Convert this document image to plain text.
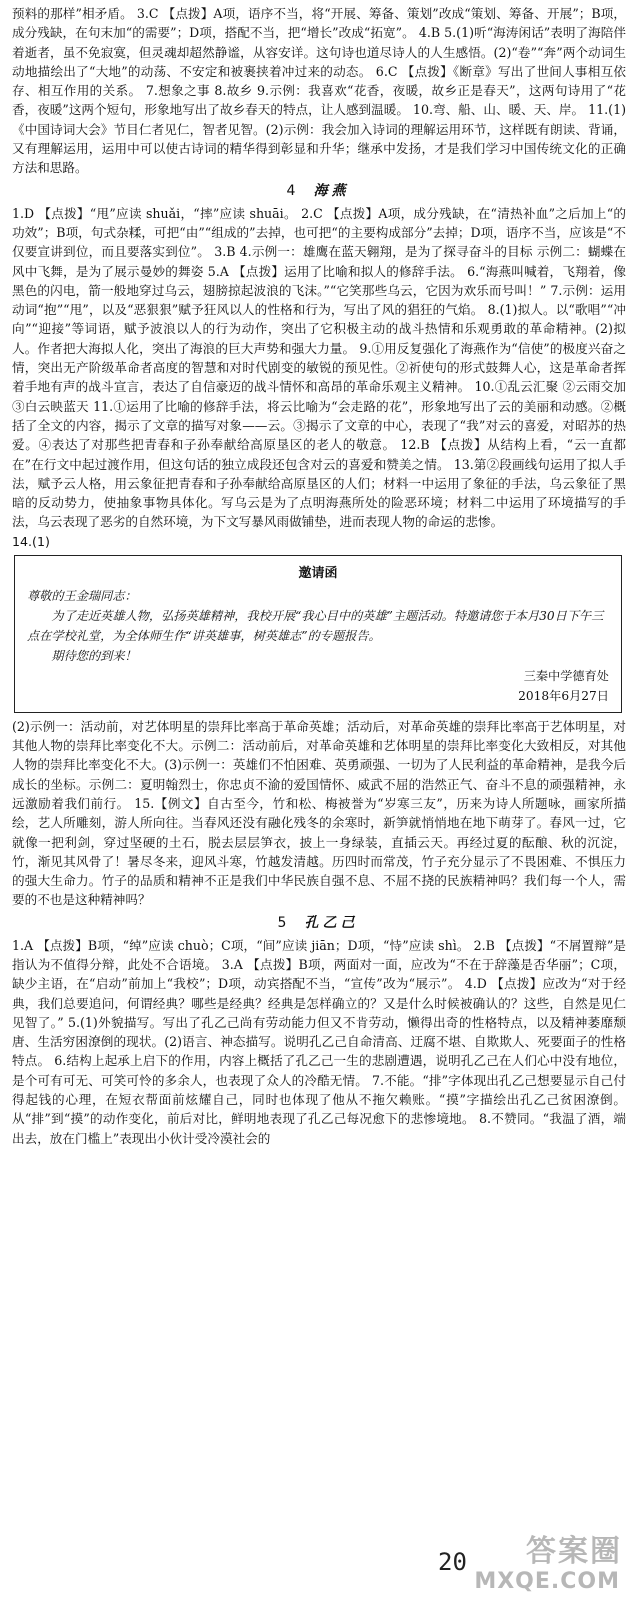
预料的那样”相矛盾。 3.C 【点拨】A项，语序不当，将“开展、筹备、策划”改成“策划、筹备、开展”；B项，成分残缺，在句末加“的需要”；D项，搭配不当，把“增长”改成“拓宽”。 4.B 5.(1)听“海涛闲话”表明了海陪伴着逝者，虽不免寂寞，但灵魂却超然静谧，从容安详。这句诗也道尽诗人的人生感悟。(2)“卷”“奔”两个动词生动地描绘出了“大地”的动荡、不安定和被裹挟着冲过来的动态。 6.C 【点拨】《断章》写出了世间人事相互依存、相互作用的关系。 7.想象之事 8.故乡 9.示例：我喜欢“花香，夜暖，故乡正是春天”，这两句诗用了“花香，夜暖”这两个短句，形象地写出了故乡春天的特点，让人感到温暖。 10.弯、船、山、暖、天、岸。 11.(1)《中国诗词大会》节目仁者见仁，智者见智。(2)示例：我会加入诗词的理解运用环节，这样既有朗读、背诵，又有理解运用，运用中可以使古诗词的精华得到彰显和升华；继承中发扬，才是我们学习中国传统文化的正确方法和思路。

4 海燕

1.D 【点拨】“甩”应读 shuǎi，“摔”应读 shuāi。 2.C 【点拨】A项，成分残缺，在“清热补血”之后加上“的功效”；B项，句式杂糅，可把“由”“组成的”去掉，也可把“的主要构成部分”去掉；D项，语序不当，应该是“不仅要宣讲到位，而且要落实到位”。 3.B 4.示例一：雄鹰在蓝天翱翔，是为了探寻奋斗的目标 示例二：蝴蝶在风中飞舞，是为了展示曼妙的舞姿 5.A 【点拨】运用了比喻和拟人的修辞手法。 6.“海燕叫喊着，飞翔着，像黑色的闪电，箭一般地穿过乌云，翅膀掠起波浪的飞沫。”“它笑那些乌云，它因为欢乐而号叫！” 7.示例：运用动词“抱”“甩”，以及“恶狠狠”赋予狂风以人的性格和行为，写出了风的猖狂的气焰。 8.(1)拟人。以“歌唱”“冲向”“迎接”等词语，赋予波浪以人的行为动作，突出了它积极主动的战斗热情和乐观勇敢的革命精神。(2)拟人。作者把大海拟人化，突出了海浪的巨大声势和强大力量。 9.①用反复强化了海燕作为“信使”的极度兴奋之情，突出无产阶级革命者高度的智慧和对时代剧变的敏锐的预见性。②祈使句的形式鼓舞人心，这是革命者挥着手地有声的战斗宣言，表达了自信豪迈的战斗情怀和高昂的革命乐观主义精神。 10.①乱云汇聚 ②云雨交加 ③白云映蓝天 11.①运用了比喻的修辞手法，将云比喻为“会走路的花”，形象地写出了云的美丽和动感。②概括了全文的内容，揭示了文章的描写对象——云。③揭示了文章的中心，表现了“我”对云的喜爱，对昭苏的热爱。④表达了对那些把青春和子孙奉献给高原垦区的老人的敬意。 12.B 【点拨】从结构上看，“云一直都在”在行文中起过渡作用，但这句话的独立成段还包含对云的喜爱和赞美之情。 13.第②段画线句运用了拟人手法，赋予云人格，用云象征把青春和子孙奉献给高原垦区的人们；材料一中运用了象征的手法，乌云象征了黑暗的反动势力，使抽象事物具体化。写乌云是为了点明海燕所处的险恶环境；材料二中运用了环境描写的手法，乌云表现了恶劣的自然环境，为下文写暴风雨做铺垫，进而表现人物的命运的悲惨。

14.(1)
邀请函

尊敬的王金瑞同志：

为了走近英雄人物，弘扬英雄精神，我校开展“我心目中的英雄”主题活动。特邀请您于本月30日下午三点在学校礼堂，为全体师生作“讲英雄事，树英雄志”的专题报告。

期待您的到来！

三秦中学德育处

2018年6月27日

(2)示例一：活动前，对艺体明星的崇拜比率高于革命英雄；活动后，对革命英雄的崇拜比率高于艺体明星，对其他人物的崇拜比率变化不大。示例二：活动前后，对革命英雄和艺体明星的崇拜比率变化大致相反，对其他人物的崇拜比率变化不大。(3)示例一：英雄们不怕困难、英勇顽强、一切为了人民利益的革命精神，是我今后成长的坐标。示例二：夏明翰烈士，你忠贞不渝的爱国情怀、威武不屈的浩然正气、奋斗不息的顽强精神，永远激励着我们前行。 15.【例文】自古至今，竹和松、梅被誉为“岁寒三友”，历来为诗人所题咏，画家所描绘，艺人所雕刻，游人所向往。当春风还没有融化残冬的余寒时，新笋就悄悄地在地下萌芽了。春风一过，它就像一把利剑，穿过坚硬的土石，脱去层层笋衣，披上一身绿装，直插云天。再经过夏的酝酿、秋的沉淀，竹，渐见其风骨了！暑尽冬来，迎风斗寒，竹越发清越。历四时而常茂，竹子充分显示了不畏困难、不惧压力的强大生命力。竹子的品质和精神不正是我们中华民族自强不息、不屈不挠的民族精神吗？我们每一个人，需要的不也是这种精神吗？

5 孔乙己

1.A 【点拨】B项，“绰”应读 chuò；C项，“间”应读 jiān；D项，“恃”应读 shì。 2.B 【点拨】“不屑置辩”是指认为不值得分辩，此处不合语境。 3.A 【点拨】B项，两面对一面，应改为“不在于辞藻是否华丽”；C项，缺少主语，在“启动”前加上“我校”；D项，动宾搭配不当，“宣传”改为“展示”。 4.D 【点拨】应改为“对于经典，我们总要追问，何谓经典？哪些是经典？经典是怎样确立的？又是什么时候被确认的？这些，自然是见仁见智了。” 5.(1)外貌描写。写出了孔乙己尚有劳动能力但又不肯劳动，懒得出奇的性格特点，以及精神萎靡颓唐、生活穷困潦倒的现状。(2)语言、神态描写。说明孔乙己自命清高、迂腐不堪、自欺欺人、死要面子的性格特点。 6.结构上起承上启下的作用，内容上概括了孔乙己一生的悲剧遭遇，说明孔乙己在人们心中没有地位，是个可有可无、可笑可怜的多余人，也表现了众人的冷酷无情。 7.不能。“排”字体现出孔乙己想要显示自己付得起钱的心理，在短衣帮面前炫耀自己，同时也体现了他从不拖欠赖账。“摸”字描绘出孔乙己贫困潦倒。从“排”到“摸”的动作变化，前后对比，鲜明地表现了孔乙己每况愈下的悲惨境地。 8.不赞同。“我温了酒，端出去，放在门槛上”表现出小伙计受冷漠社会的

20 答案圈
MXQE.COM
